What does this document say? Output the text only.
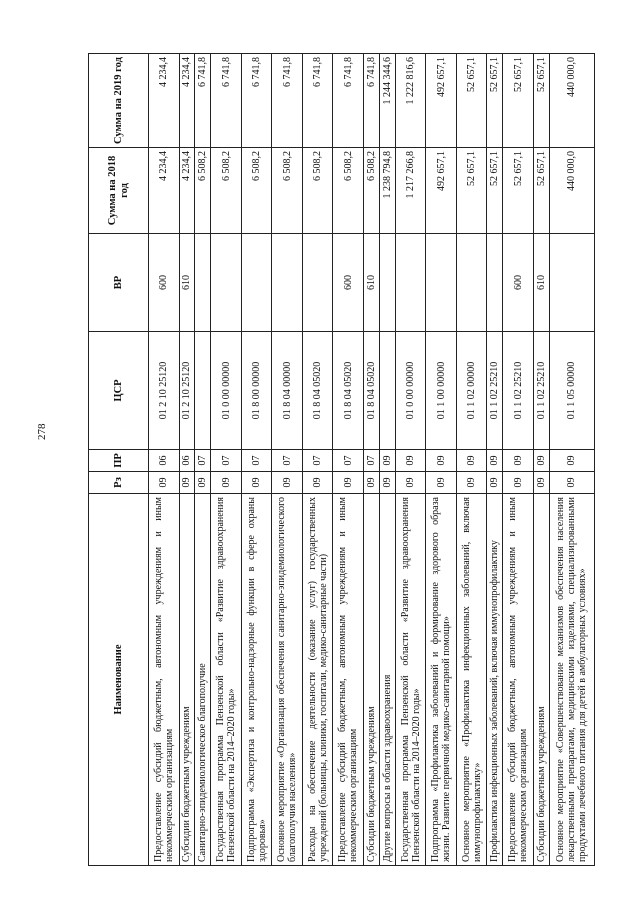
278
Наименование	Рз	ПР	ЦСР	ВР	Сумма на 2018 год	Сумма на 2019 год
Предоставление субсидий бюджетным, автономным учреждениям и иным некоммерческим организациям	09	06	01 2 10 25120	600	4 234,4	4 234,4
Субсидии бюджетным учреждениям	09	06	01 2 10 25120	610	4 234,4	4 234,4
Санитарно-эпидемиологическое благополучие	09	07			6 508,2	6 741,8
Государственная программа Пензенской области «Развитие здравоохранения Пензенской области на 2014–2020 годы»	09	07	01 0 00 00000		6 508,2	6 741,8
Подпрограмма «Экспертиза и контрольно-надзорные функции в сфере охраны здоровья»	09	07	01 8 00 00000		6 508,2	6 741,8
Основное мероприятие «Организация обеспечения санитарно-эпидемиологического благополучия населения»	09	07	01 8 04 00000		6 508,2	6 741,8
Расходы на обеспечение деятельности (оказание услуг) государственных учреждений (больницы, клиники, госпитали, медико-санитарные части)	09	07	01 8 04 05020		6 508,2	6 741,8
Предоставление субсидий бюджетным, автономным учреждениям и иным некоммерческим организациям	09	07	01 8 04 05020	600	6 508,2	6 741,8
Субсидии бюджетным учреждениям	09	07	01 8 04 05020	610	6 508,2	6 741,8
Другие вопросы в области здравоохранения	09	09			1 238 794,8	1 244 344,6
Государственная программа Пензенской области «Развитие здравоохранения Пензенской области на 2014–2020 годы»	09	09	01 0 00 00000		1 217 266,8	1 222 816,6
Подпрограмма «Профилактика заболеваний и формирование здорового образа жизни. Развитие первичной медико-санитарной помощи»	09	09	01 1 00 00000		492 657,1	492 657,1
Основное мероприятие «Профилактика инфекционных заболеваний, включая иммунопрофилактику»	09	09	01 1 02 00000		52 657,1	52 657,1
Профилактика инфекционных заболеваний, включая иммунопрофилактику	09	09	01 1 02 25210		52 657,1	52 657,1
Предоставление субсидий бюджетным, автономным учреждениям и иным некоммерческим организациям	09	09	01 1 02 25210	600	52 657,1	52 657,1
Субсидии бюджетным учреждениям	09	09	01 1 02 25210	610	52 657,1	52 657,1
Основное мероприятие «Совершенствование механизмов обеспечения населения лекарственными препаратами, медицинскими изделиями, специализированными продуктами лечебного питания для детей в амбулаторных условиях»	09	09	01 1 05 00000		440 000,0	440 000,0
